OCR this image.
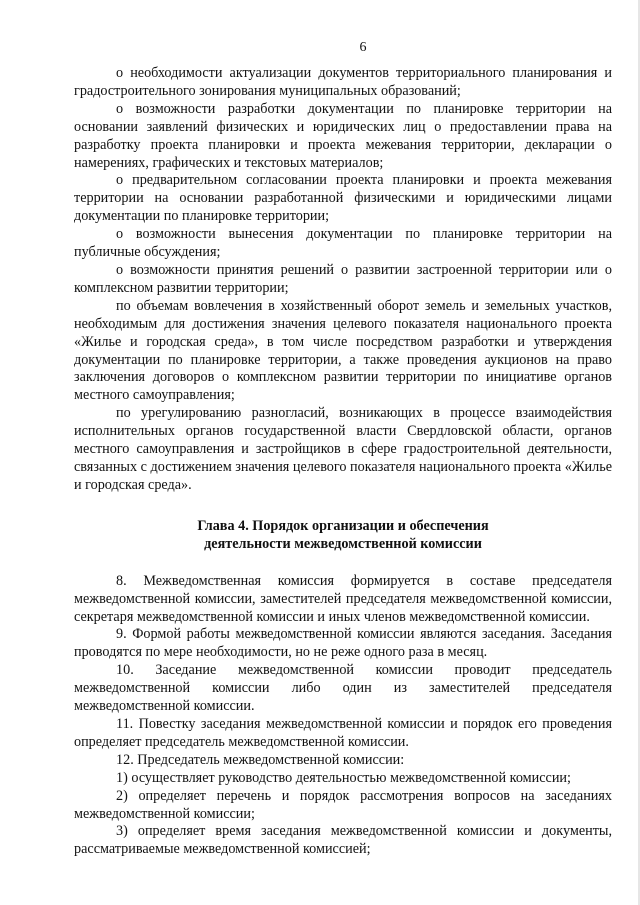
6

о необходимости актуализации документов территориального планирования и градостроительного зонирования муниципальных образований;

о возможности разработки документации по планировке территории на основании заявлений физических и юридических лиц о предоставлении права на разработку проекта планировки и проекта межевания территории, декларации о намерениях, графических и текстовых материалов;

о предварительном согласовании проекта планировки и проекта межевания территории на основании разработанной физическими и юридическими лицами документации по планировке территории;

о возможности вынесения документации по планировке территории на публичные обсуждения;

о возможности принятия решений о развитии застроенной территории или о комплексном развитии территории;

по объемам вовлечения в хозяйственный оборот земель и земельных участков, необходимым для достижения значения целевого показателя национального проекта «Жилье и городская среда», в том числе посредством разработки и утверждения документации по планировке территории, а также проведения аукционов на право заключения договоров о комплексном развитии территории по инициативе органов местного самоуправления;

по урегулированию разногласий, возникающих в процессе взаимодействия исполнительных органов государственной власти Свердловской области, органов местного самоуправления и застройщиков в сфере градостроительной деятельности, связанных с достижением значения целевого показателя национального проекта «Жилье и городская среда».

Глава 4. Порядок организации и обеспечения
деятельности межведомственной комиссии

8. Межведомственная комиссия формируется в составе председателя межведомственной комиссии, заместителей председателя межведомственной комиссии, секретаря межведомственной комиссии и иных членов межведомственной комиссии.

9. Формой работы межведомственной комиссии являются заседания. Заседания проводятся по мере необходимости, но не реже одного раза в месяц.

10. Заседание межведомственной комиссии проводит председатель межведомственной комиссии либо один из заместителей председателя межведомственной комиссии.

11. Повестку заседания межведомственной комиссии и порядок его проведения определяет председатель межведомственной комиссии.

12. Председатель межведомственной комиссии:

1) осуществляет руководство деятельностью межведомственной комиссии;

2) определяет перечень и порядок рассмотрения вопросов на заседаниях межведомственной комиссии;

3) определяет время заседания межведомственной комиссии и документы, рассматриваемые межведомственной комиссией;
